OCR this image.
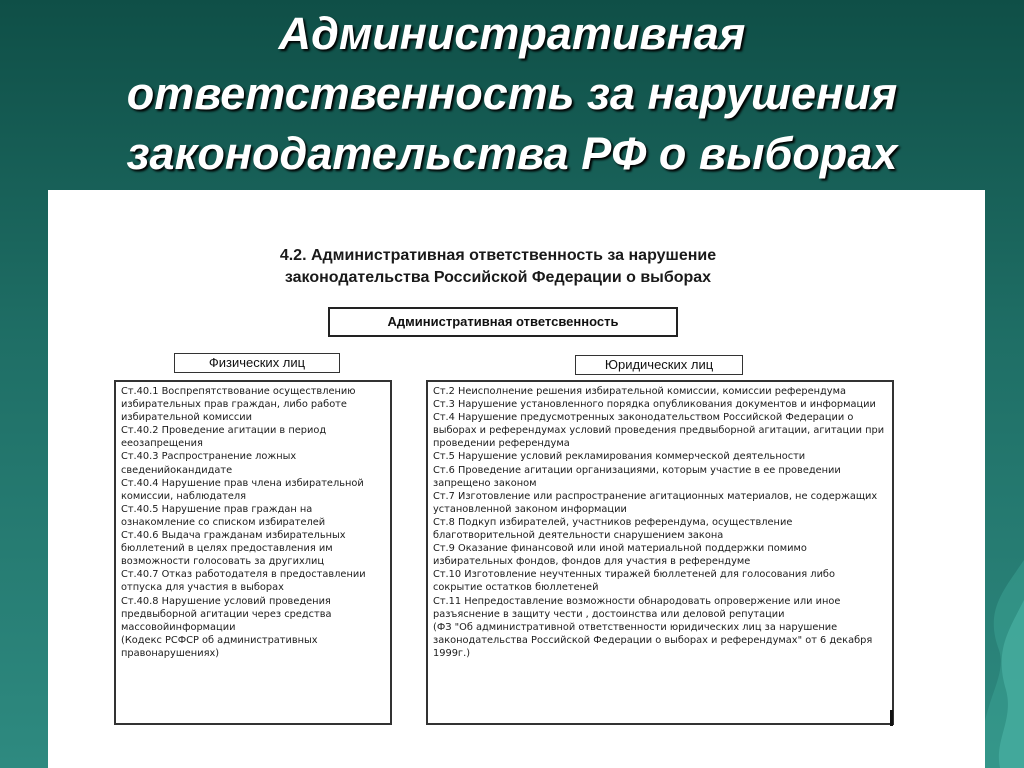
Административная
ответственность за нарушения
законодательства РФ о выборах
4.2. Административная ответственность за нарушение
законодательства Российской Федерации о выборах
Административная ответсвенность
Физических лиц	Юридических лиц

Ст.40.1 Воспрепятствование осуществлению избирательных прав граждан, либо работе избирательной комиссии

Ст.40.2 Проведение агитации в период ееозапрещения

Ст.40.3 Распространение ложных сведенийокандидате

Ст.40.4 Нарушение прав члена избирательной комиссии, наблюдателя

Ст.40.5 Нарушение прав граждан на ознакомление со списком избирателей

Ст.40.6 Выдача гражданам избирательных бюллетений в целях предоставления им возможности голосовать за другихлиц

Ст.40.7 Отказ работодателя в предоставлении отпуска для участия в выборах

Ст.40.8 Нарушение условий проведения предвыборной агитации через средства массовойинформации

(Кодекс РСФСР об административных правонарушениях)

Ст.2 Неисполнение решения избирательной комиссии, комиссии референдума

Ст.3 Нарушение установленного порядка опубликования документов и информации

Ст.4 Нарушение предусмотренных законодательством Российской Федерации о выборах и референдумах условий проведения предвыборной агитации, агитации при проведении референдума

Ст.5 Нарушение условий рекламирования коммерческой деятельности

Ст.6 Проведение агитации организациями, которым участие в ее проведении запрещено законом

Ст.7 Изготовление или распространение агитационных материалов, не содержащих установленной законом информации

Ст.8 Подкуп избирателей, участников референдума, осуществление благотворительной деятельности снарушением закона

Ст.9 Оказание финансовой или иной материальной поддержки помимо избирательных фондов, фондов для участия в референдуме

Ст.10 Изготовление неучтенных тиражей бюллетеней для голосования либо сокрытие остатков бюллетеней

Ст.11 Непредоставление возможности обнародовать опровержение или иное разъяснение в защиту чести , достоинства или деловой репутации

(ФЗ "Об административной ответственности юридических лиц за нарушение законодательства Российской Федерации о выборах и референдумах" от 6 декабря 1999г.)
